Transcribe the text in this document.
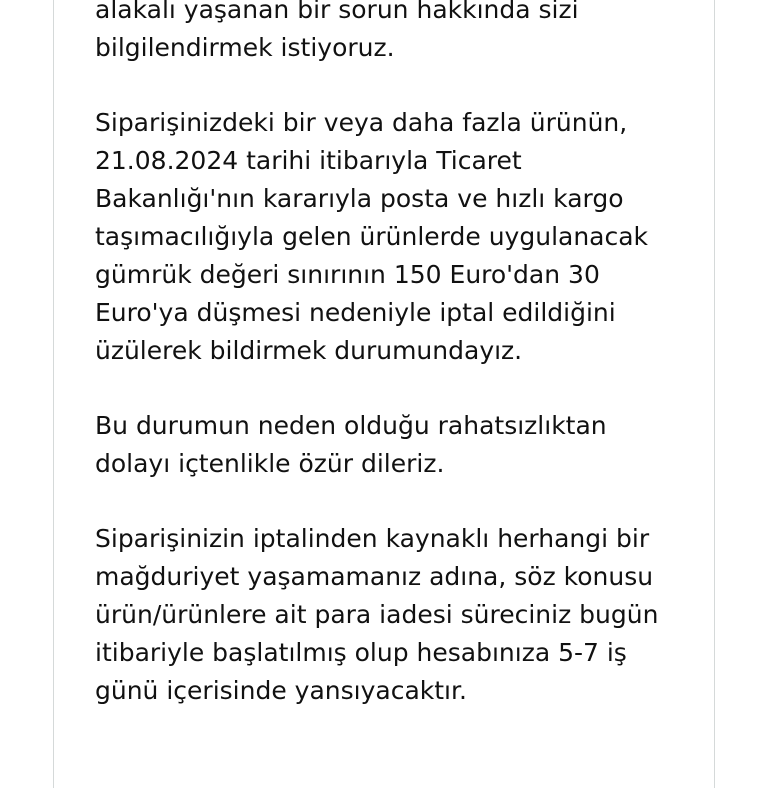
alakalı yaşanan bir sorun hakkında sizi
bilgilendirmek istiyoruz.

Siparişinizdeki bir veya daha fazla ürünün,
21.08.2024 tarihi itibarıyla Ticaret
Bakanlığı'nın kararıyla posta ve hızlı kargo
taşımacılığıyla gelen ürünlerde uygulanacak
gümrük değeri sınırının 150 Euro'dan 30
Euro'ya düşmesi nedeniyle iptal edildiğini
üzülerek bildirmek durumundayız.

Bu durumun neden olduğu rahatsızlıktan
dolayı içtenlikle özür dileriz.

Siparişinizin iptalinden kaynaklı herhangi bir
mağduriyet yaşamamanız adına, söz konusu
ürün/ürünlere ait para iadesi süreciniz bugün
itibariyle başlatılmış olup hesabınıza 5-7 iş
günü içerisinde yansıyacaktır.
